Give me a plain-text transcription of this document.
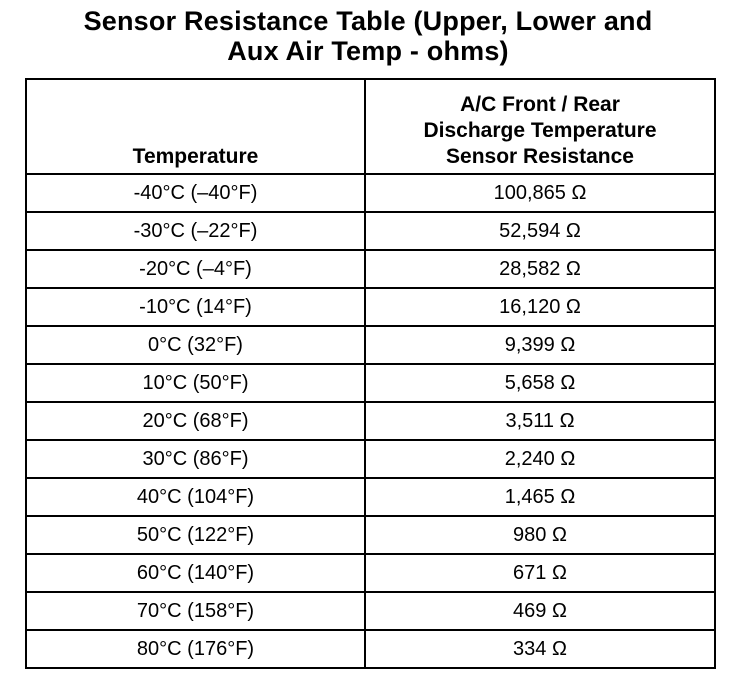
Sensor Resistance Table (Upper, Lower and
Aux Air Temp - ohms)
Temperature	A/C Front / Rear
Discharge Temperature
Sensor Resistance

-40°C (–40°F)	100,865 Ω
-30°C (–22°F)	52,594 Ω
-20°C (–4°F)	28,582 Ω
-10°C (14°F)	16,120 Ω
0°C (32°F)	9,399 Ω
10°C (50°F)	5,658 Ω
20°C (68°F)	3,511 Ω
30°C (86°F)	2,240 Ω
40°C (104°F)	1,465 Ω
50°C (122°F)	980 Ω
60°C (140°F)	671 Ω
70°C (158°F)	469 Ω
80°C (176°F)	334 Ω
